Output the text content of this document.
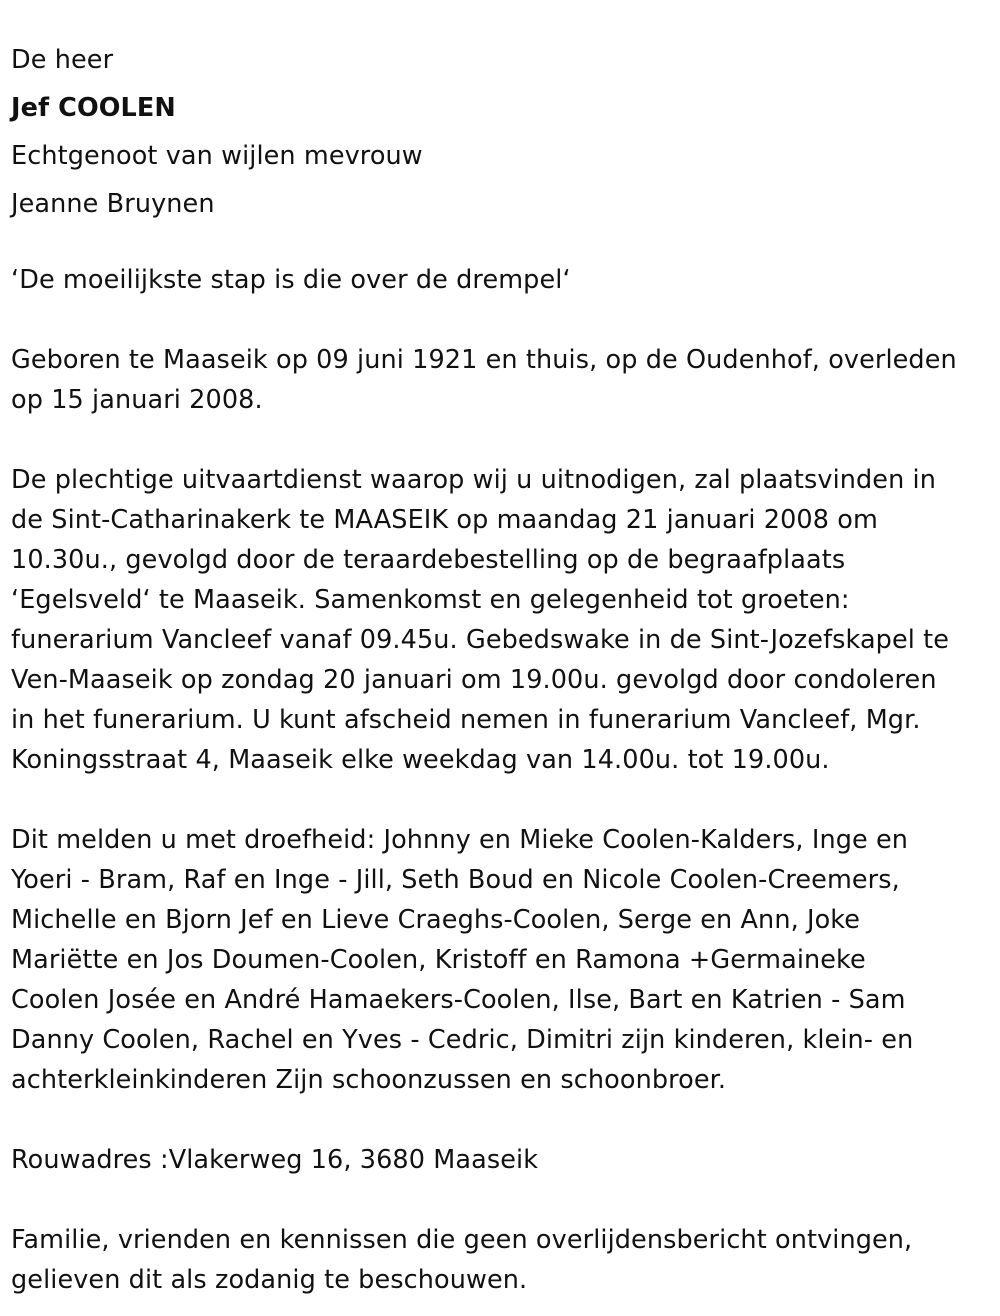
De heer
Jef COOLEN
Echtgenoot van wijlen mevrouw
Jeanne Bruynen
‘De moeilijkste stap is die over de drempel‘
Geboren te Maaseik op 09 juni 1921 en thuis, op de Oudenhof, overleden
op 15 januari 2008.
De plechtige uitvaartdienst waarop wij u uitnodigen, zal plaatsvinden in
de Sint-Catharinakerk te MAASEIK op maandag 21 januari 2008 om
10.30u., gevolgd door de teraardebestelling op de begraafplaats
‘Egelsveld‘ te Maaseik. Samenkomst en gelegenheid tot groeten:
funerarium Vancleef vanaf 09.45u. Gebedswake in de Sint-Jozefskapel te
Ven-Maaseik op zondag 20 januari om 19.00u. gevolgd door condoleren
in het funerarium. U kunt afscheid nemen in funerarium Vancleef, Mgr.
Koningsstraat 4, Maaseik elke weekdag van 14.00u. tot 19.00u.
Dit melden u met droefheid: Johnny en Mieke Coolen-Kalders, Inge en
Yoeri - Bram, Raf en Inge - Jill, Seth Boud en Nicole Coolen-Creemers,
Michelle en Bjorn Jef en Lieve Craeghs-Coolen, Serge en Ann, Joke
Mariëtte en Jos Doumen-Coolen, Kristoff en Ramona +Germaineke
Coolen Josée en André Hamaekers-Coolen, Ilse, Bart en Katrien - Sam
Danny Coolen, Rachel en Yves - Cedric, Dimitri zijn kinderen, klein- en
achterkleinkinderen Zijn schoonzussen en schoonbroer.
Rouwadres :Vlakerweg 16, 3680 Maaseik
Familie, vrienden en kennissen die geen overlijdensbericht ontvingen,
gelieven dit als zodanig te beschouwen.
